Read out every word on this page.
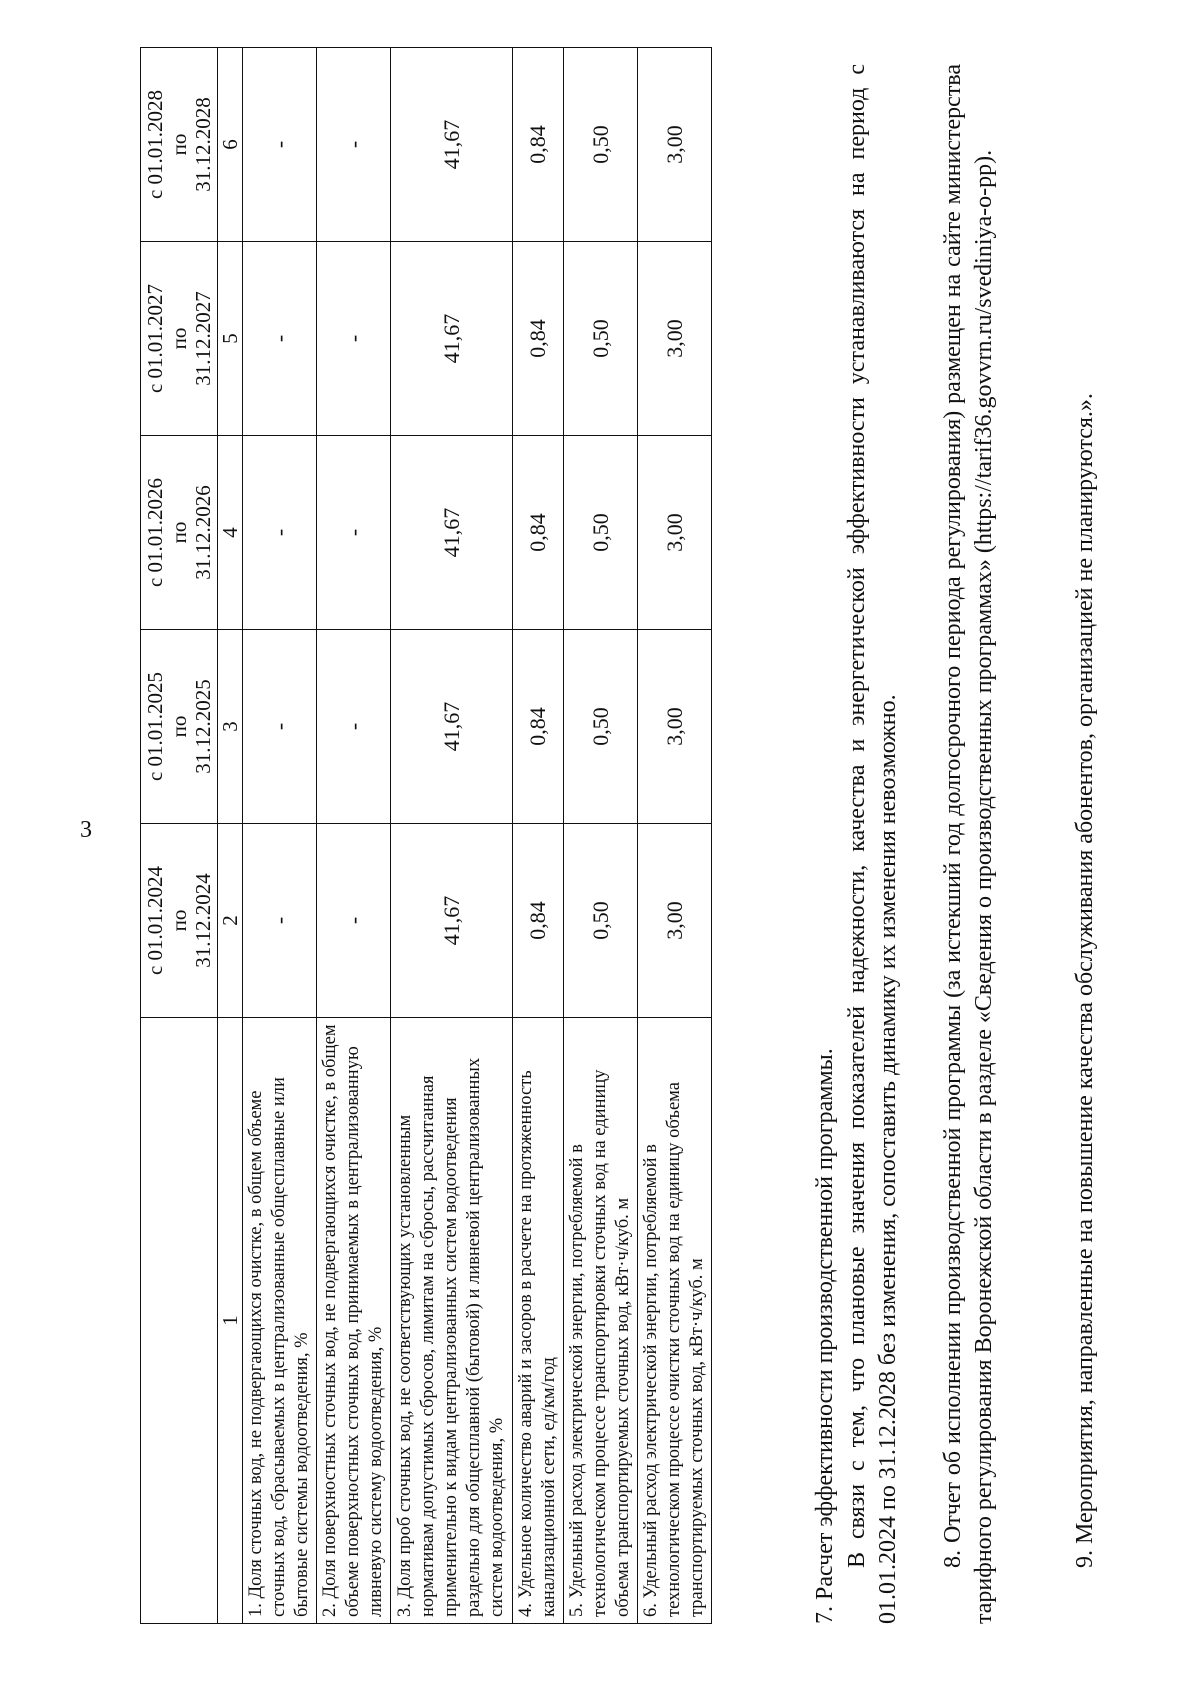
3
	с 01.01.2024
по
31.12.2024	с 01.01.2025
по
31.12.2025	с 01.01.2026
по
31.12.2026	с 01.01.2027
по
31.12.2027	с 01.01.2028
по
31.12.2028
1	2	3	4	5	6
1. Доля сточных вод, не подвергающихся очистке, в общем объеме сточных вод, сбрасываемых в централизованные общесплавные или бытовые системы водоотведения, %	-	-	-	-	-
2. Доля поверхностных сточных вод, не подвергающихся очистке, в общем объеме поверхностных сточных вод, принимаемых в централизованную ливневую систему водоотведения, %	-	-	-	-	-
3. Доля проб сточных вод, не соответствующих установленным нормативам допустимых сбросов, лимитам на сбросы, рассчитанная применительно к видам централизованных систем водоотведения раздельно для общесплавной (бытовой) и ливневой централизованных систем водоотведения, %	41,67	41,67	41,67	41,67	41,67
4. Удельное количество аварий и засоров в расчете на протяженность канализационной сети, ед/км/год	0,84	0,84	0,84	0,84	0,84
5. Удельный расход электрической энергии, потребляемой в технологическом процессе транспортировки сточных вод на единицу объема транспортируемых сточных вод, кВт·ч/куб. м	0,50	0,50	0,50	0,50	0,50
6. Удельный расход электрической энергии, потребляемой в технологическом процессе очистки сточных вод на единицу объема транспортируемых сточных вод, кВт·ч/куб. м	3,00	3,00	3,00	3,00	3,00

7. Расчет эффективности производственной программы. В связи с тем, что плановые значения показателей надежности, качества и энергетической эффективности устанавливаются на период с 01.01.2024 по 31.12.2028 без изменения, сопоставить динамику их изменения невозможно. 8. Отчет об исполнении производственной программы (за истекший год долгосрочного периода регулирования) размещен на сайте министерства тарифного регулирования Воронежской области в разделе «Сведения о производственных программах» (https://tarif36.govvrn.ru/svediniya-o-pp).	9. Мероприятия, направленные на повышение качества обслуживания абонентов, организацией не планируются.».
